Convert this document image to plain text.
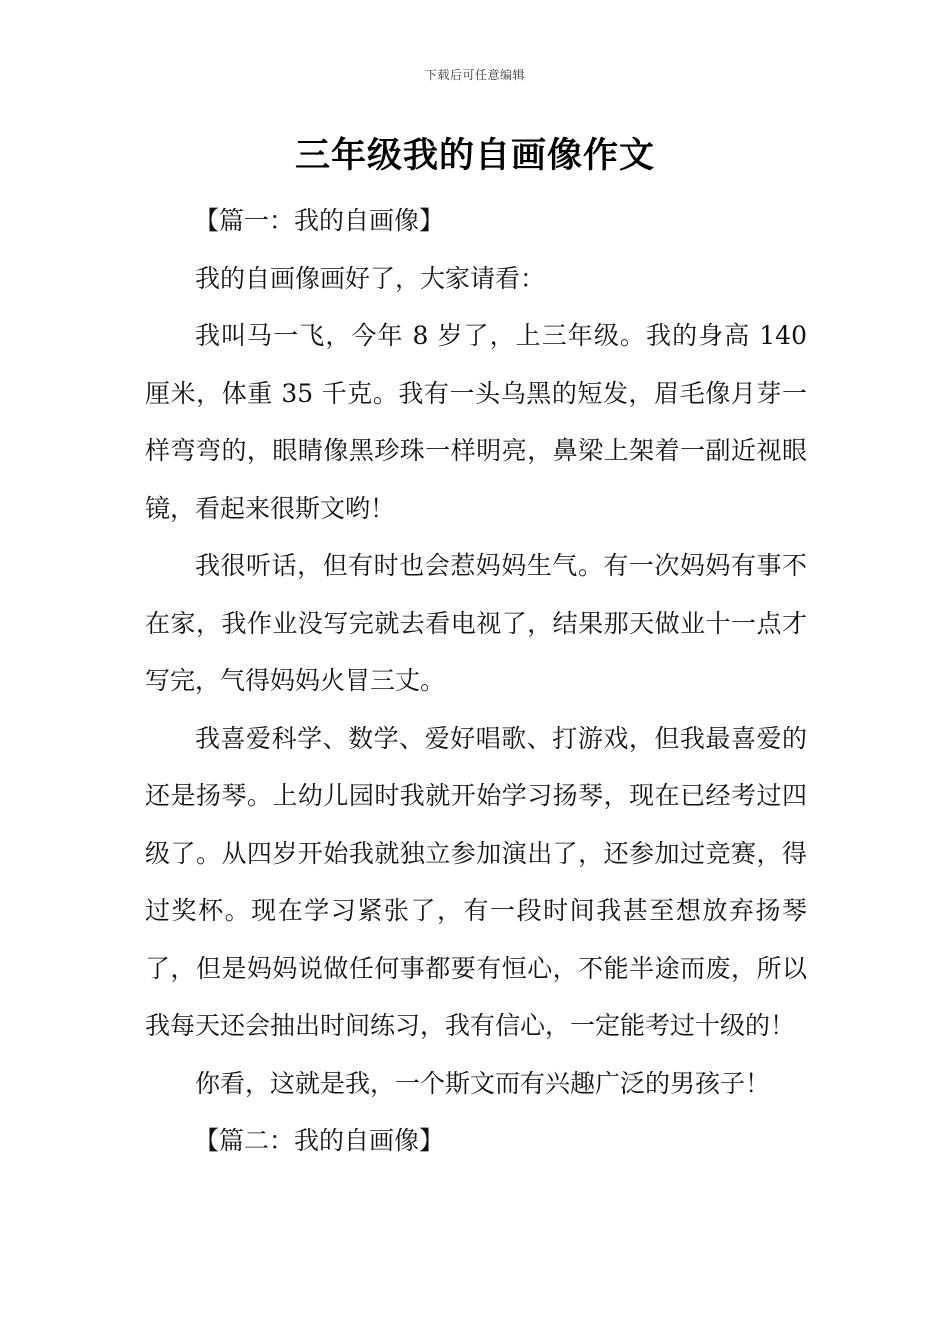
下载后可任意编辑
三年级我的自画像作文

【篇一：我的自画像】

我的自画像画好了，大家请看：

我叫马一飞，今年 8 岁了，上三年级。我的身高 140 厘米，体重 35 千克。我有一头乌黑的短发，眉毛像月芽一样弯弯的，眼睛像黑珍珠一样明亮，鼻梁上架着一副近视眼镜，看起来很斯文哟！

我很听话，但有时也会惹妈妈生气。有一次妈妈有事不在家，我作业没写完就去看电视了，结果那天做业十一点才写完，气得妈妈火冒三丈。

我喜爱科学、数学、爱好唱歌、打游戏，但我最喜爱的还是扬琴。上幼儿园时我就开始学习扬琴，现在已经考过四级了。从四岁开始我就独立参加演出了，还参加过竞赛，得过奖杯。现在学习紧张了，有一段时间我甚至想放弃扬琴了，但是妈妈说做任何事都要有恒心，不能半途而废，所以我每天还会抽出时间练习，我有信心，一定能考过十级的！

你看，这就是我，一个斯文而有兴趣广泛的男孩子！

【篇二：我的自画像】
